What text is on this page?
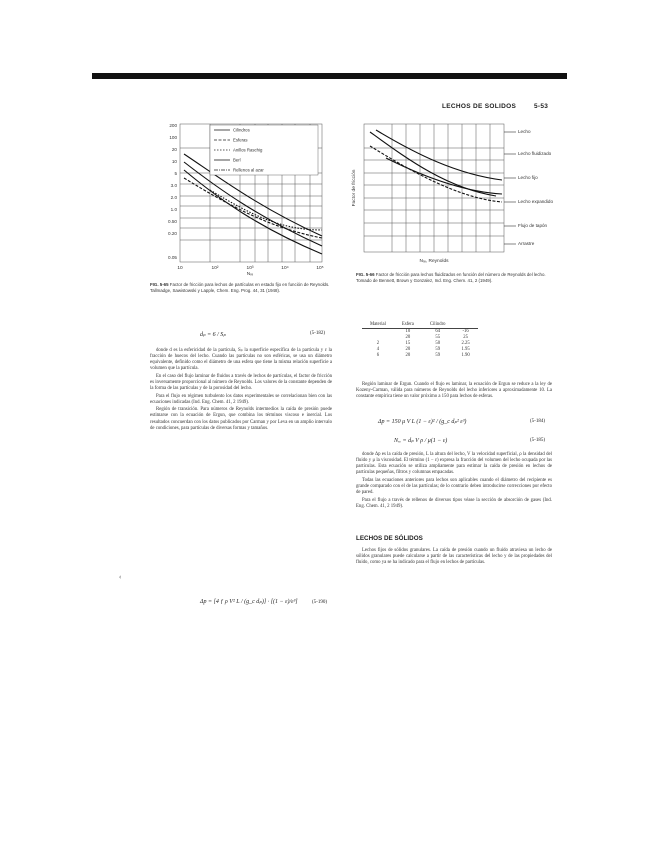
LECHOS DE SOLIDOS	5-53
Cilindros
Esferas
Anillos Raschig
Berl
Rellenos al azar
200
100
20
10
5
3.0
2.0
1.0
0.50
0.20
0.05
10	10²	10³	10⁴	10⁵
Nᵣₑ
FIG. 5-65 Factor de fricción para lechos de partículas en estado fijo en función de Reynolds. Tallmadge, Sawistowski y Lapple, Chem. Eng. Prog. 44, 31 (1948).
Lecho
Lecho fluidizado
Lecho fijo
Lecho expandido
Flujo de tapón
Arrastre
Factor de fricción
Nᵣₑ, Reynolds
FIG. 5-66 Factor de fricción para lechos fluidizados en función del número de Reynolds del lecho. Tomado de Bennett, Brown y Gonzalez, Ind. Eng. Chem. 41, 2 (1949).
dₚ = 6 / Sₚ	(5-182)

donde d es la esfericidad de la partícula, Sₚ la superficie específica de la partícula y ε la fracción de huecos del lecho. Cuando las partículas no son esféricas, se usa un diámetro equivalente, definido como el diámetro de una esfera que tiene la misma relación superficie a volumen que la partícula.

En el caso del flujo laminar de fluidos a través de lechos de partículas, el factor de fricción es inversamente proporcional al número de Reynolds. Los valores de la constante dependen de la forma de las partículas y de la porosidad del lecho.

Para el flujo en régimen turbulento los datos experimentales se correlacionan bien con las ecuaciones indicadas (Ind. Eng. Chem. 41, 2 1949).

Región de transición. Para números de Reynolds intermedios la caída de presión puede estimarse con la ecuación de Ergun, que combina los términos viscoso e inercial. Los resultados concuerdan con los datos publicados por Carman y por Leva en un amplio intervalo de condiciones, para partículas de diversas formas y tamaños.

Δp = [4 ƒ ρ V² L / (g_c dₚ)] · [(1 − ε)/ε³]	(5-190)
‹
Material	Esfera	Cilindro	
	10	64	-16
	20	55	25
2	15	50	2.25
4	20	59	1.95
6	20	59	1.90

Región laminar de Ergun. Cuando el flujo es laminar, la ecuación de Ergun se reduce a la ley de Kozeny-Carman, válida para números de Reynolds del lecho inferiores a aproximadamente 10. La constante empírica tiene un valor próximo a 150 para lechos de esferas.

Δp = 150 μ V L (1 − ε)² / (g_c dₚ² ε³)	(5-184)
Nᵣₑ = dₚ V ρ / μ(1 − ε)	(5-185)

donde Δp es la caída de presión, L la altura del lecho, V la velocidad superficial, ρ la densidad del fluido y μ la viscosidad. El término (1 − ε) expresa la fracción del volumen del lecho ocupada por las partículas. Esta ecuación se utiliza ampliamente para estimar la caída de presión en lechos de partículas pequeñas, filtros y columnas empacadas.

Todas las ecuaciones anteriores para lechos son aplicables cuando el diámetro del recipiente es grande comparado con el de las partículas; de lo contrario deben introducirse correcciones por efecto de pared.

Para el flujo a través de rellenos de diversos tipos véase la sección de absorción de gases (Ind. Eng. Chem. 41, 2 1949).

LECHOS DE SÓLIDOS

Lechos fijos de sólidos granulares. La caída de presión cuando un fluido atraviesa un lecho de sólidos granulares puede calcularse a partir de las características del lecho y de las propiedades del fluido, como ya se ha indicado para el flujo en lechos de partículas.
